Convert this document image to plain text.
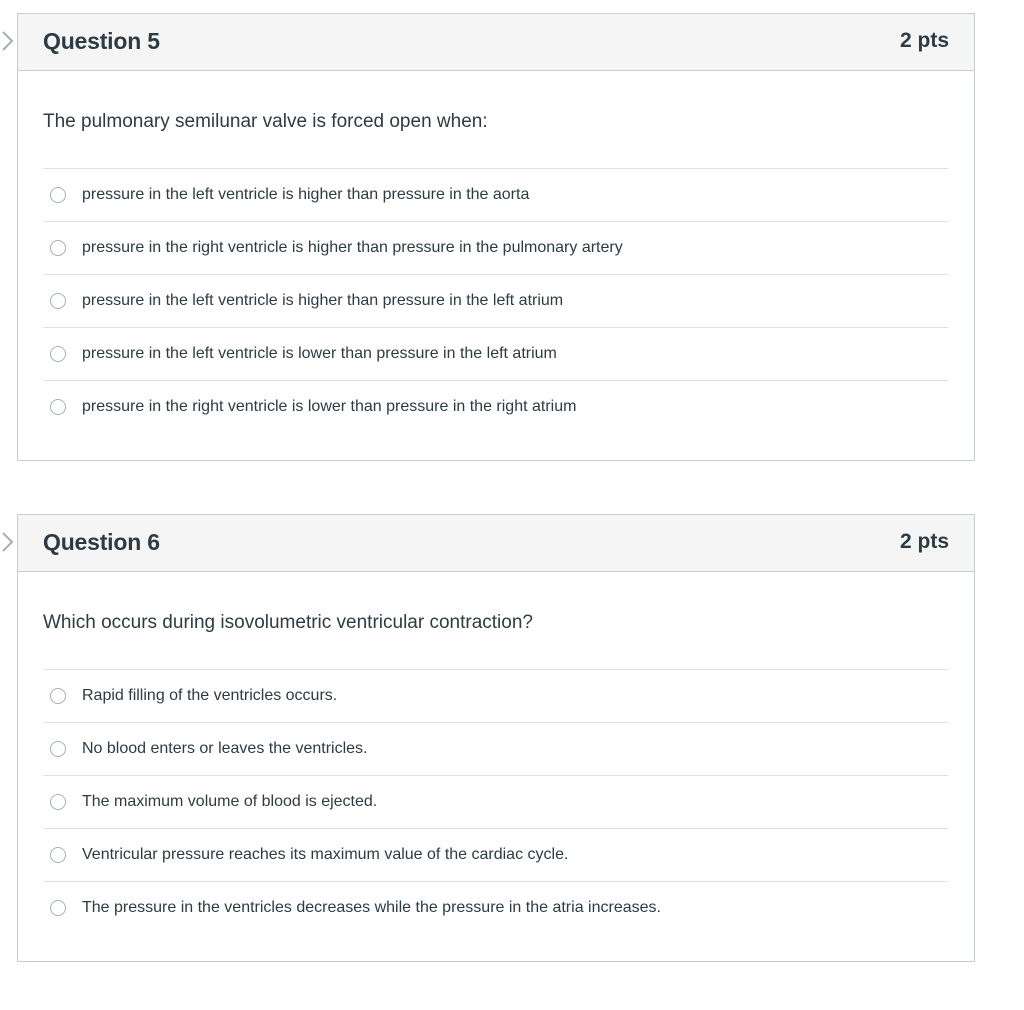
Question 5	2 pts
The pulmonary semilunar valve is forced open when:
pressure in the left ventricle is higher than pressure in the aorta
pressure in the right ventricle is higher than pressure in the pulmonary artery
pressure in the left ventricle is higher than pressure in the left atrium
pressure in the left ventricle is lower than pressure in the left atrium
pressure in the right ventricle is lower than pressure in the right atrium
Question 6	2 pts
Which occurs during isovolumetric ventricular contraction?
Rapid filling of the ventricles occurs.
No blood enters or leaves the ventricles.
The maximum volume of blood is ejected.
Ventricular pressure reaches its maximum value of the cardiac cycle.
The pressure in the ventricles decreases while the pressure in the atria increases.
